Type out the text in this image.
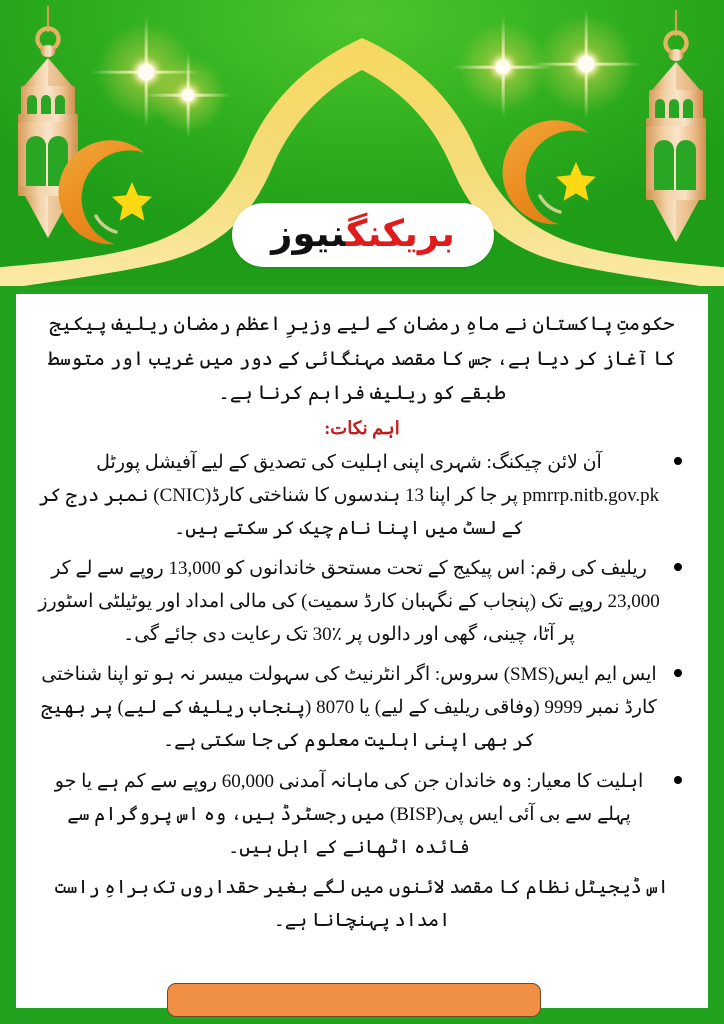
بریکنگنیوز

حکومتِ پاکستان نے ماہِ رمضان کے لیے وزیرِ اعظم رمضان ریلیف پیکیج کا آغاز کر دیا ہے، جس کا مقصد مہنگائی کے دور میں غریب اور متوسط طبقے کو ریلیف فراہم کرنا ہے۔

اہم نکات:
آن لائن چیکنگ: شہری اپنی اہلیت کی تصدیق کے لیے آفیشل پورٹل pmrrp.nitb.gov.pk پر جا کر اپنا 13 ہندسوں کا شناختی کارڈ(CNIC) نمبر درج کر کے لسٹ میں اپنا نام چیک کر سکتے ہیں۔
ریلیف کی رقم: اس پیکیج کے تحت مستحق خاندانوں کو 13,000 روپے سے لے کر 23,000 روپے تک (پنجاب کے نگہبان کارڈ سمیت) کی مالی امداد اور یوٹیلٹی اسٹورز پر آٹا، چینی، گھی اور دالوں پر 30٪ تک رعایت دی جائے گی۔
ایس ایم ایس(SMS) سروس: اگر انٹرنیٹ کی سہولت میسر نہ ہو تو اپنا شناختی کارڈ نمبر 9999 (وفاقی ریلیف کے لیے) یا 8070 (پنجاب ریلیف کے لیے) پر بھیج کر بھی اپنی اہلیت معلوم کی جا سکتی ہے۔
اہلیت کا معیار: وہ خاندان جن کی ماہانہ آمدنی 60,000 روپے سے کم ہے یا جو پہلے سے بی آئی ایس پی(BISP) میں رجسٹرڈ ہیں، وہ اس پروگرام سے فائدہ اٹھانے کے اہل ہیں۔

اس ڈیجیٹل نظام کا مقصد لائنوں میں لگے بغیر حقداروں تک براہِ راست امداد پہنچانا ہے۔
